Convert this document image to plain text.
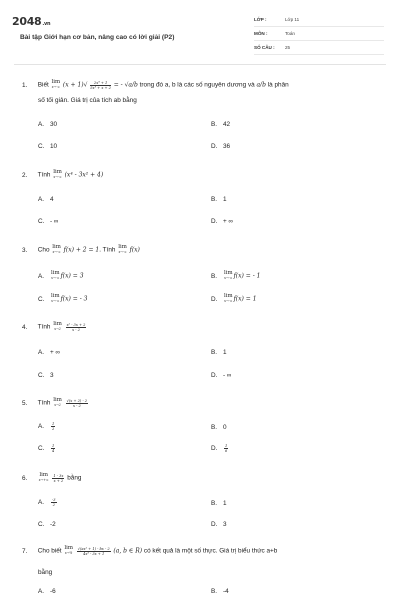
2048.vn
Bài tập Giới hạn cơ bản, nâng cao có lời giải (P2)
LỚP :	Lớp 11
MÔN :	Toán
SỐ CÂU : 25
1. Biết lim
x→-∞ $(x + 1)√ \frac{\text{2x⁴ + 1}}{\text{5x³ + x + 2}}$ = - √a/b trong đó a, b là các số nguyên dương và a/b là phân
số tối giản. Giá trị của tích ab bằng
A. 30	B. 42
C. 10	D. 36
2. Tính lim
x→-∞ (x⁴ - 3x² + 4)
A. 4	B. 1
C. - ∞	D. + ∞
3. Cho lim
x→-∞ f(x) + 2 = 1. Tính lim
x→-∞ f(x)
A. lim
x→-∞ f(x) = 3	B. lim
x→-∞ f(x) = - 1
C. lim
x→-∞ f(x) = - 3	D. lim
x→-∞ f(x) = 1
4. Tính lim
x→2
$\frac{\text{x² - 3x + 2}}{x - 2}$
A. + ∞	B. 1
C. 3	D. - ∞
5. Tính lim
x→2
$\frac{√(x + 2) - 2}{x - 2}$
A. $\frac{1}{2}$	B. 0
C. $\frac{1}{4}$	D. $\frac{1}{6}$
6. lim
x→+∞
$\frac{1 - 3x}{x + 2}$ bằng
A. $\frac{-3}{2}$	B. 1
C. -2	D. 3
7. Cho biết lim
x→½
$\frac{\text{√(ax² + 1) - bx - 2}}{\text{4x³ - 3x + 1}} (a$, b ∈ R) có kết quả là một số thực. Giá trị biểu thức a+b
bằng
A. -6	B. -4
